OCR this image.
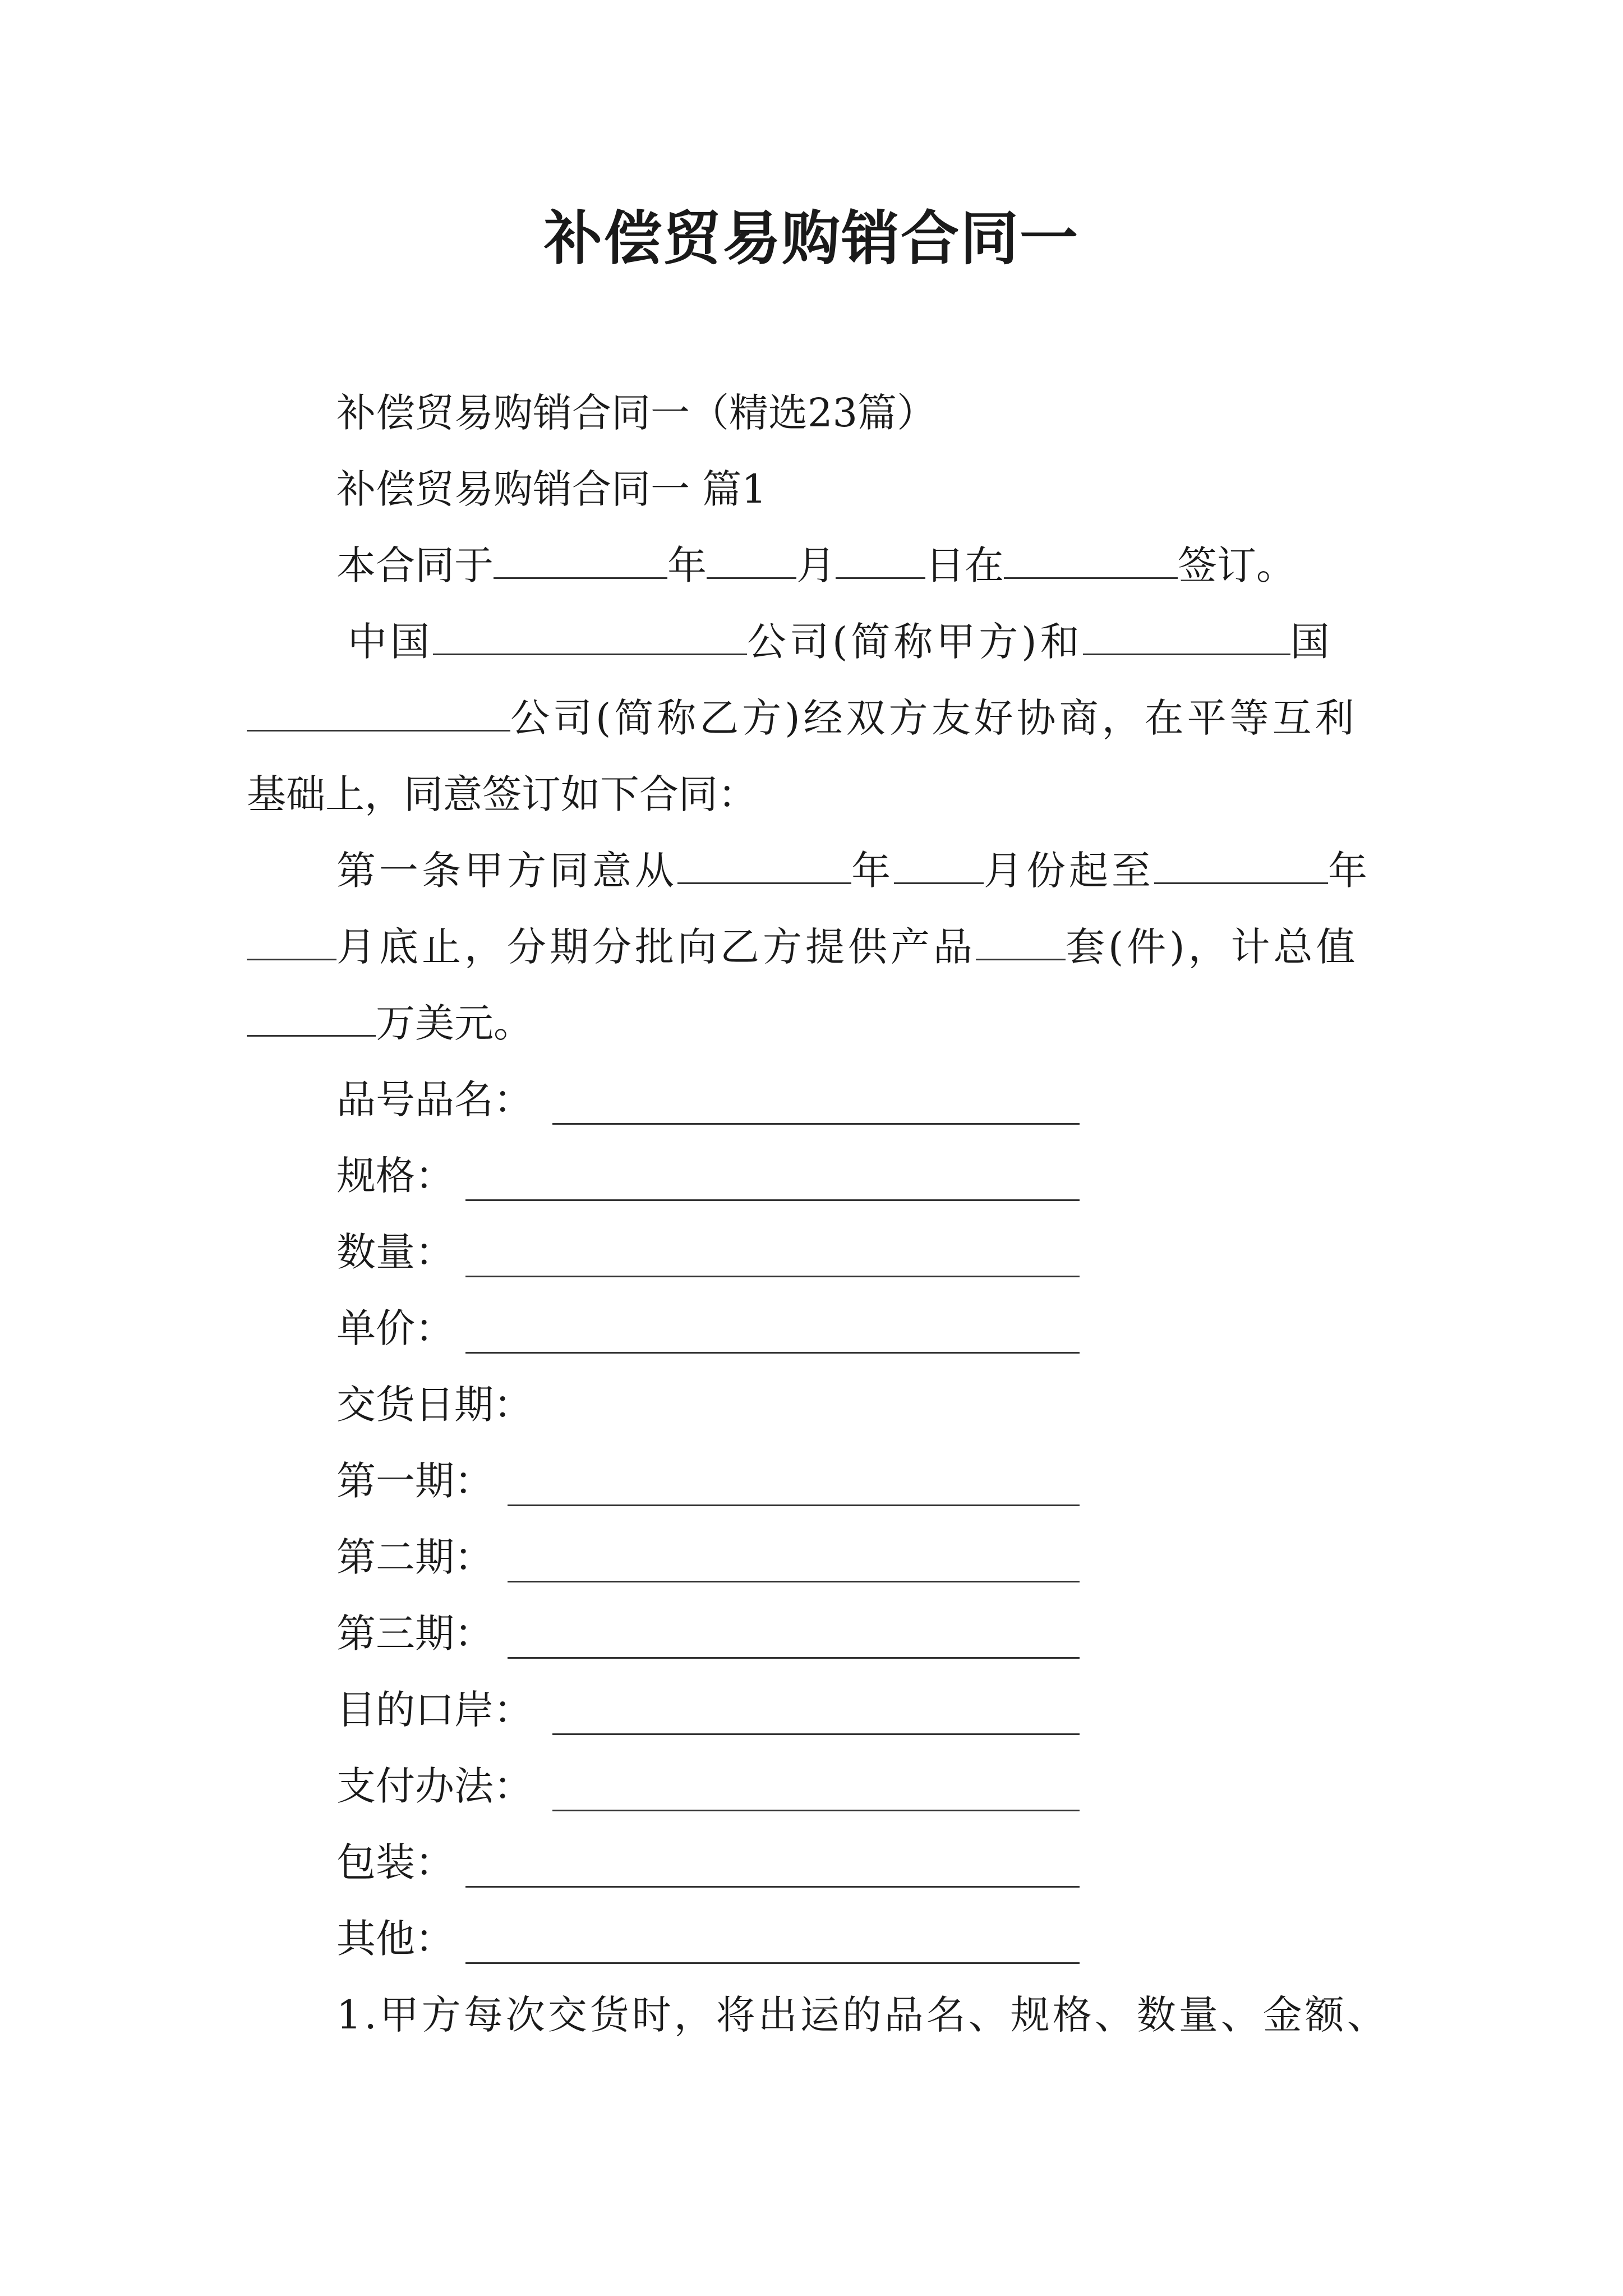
补偿贸易购销合同一
补偿贸易购销合同一（精选23篇）
补偿贸易购销合同一 篇1
本合同于	年 月 日在	签订。
中国	公司(简称甲方)和	国
公司(简称乙方)经双方友好协商，在平等互利
基础上，同意签订如下合同：
第一条甲方同意从	年 月份起至	年
月底止，分期分批向乙方提供产品 套(件)，计总值
万美元。
品号品名：
规格：
数量：
单价：
交货日期：
第一期：
第二期：
第三期：
目的口岸：
支付办法：
包装：
其他：
1.甲方每次交货时，将出运的品名、规格、数量、金额、
